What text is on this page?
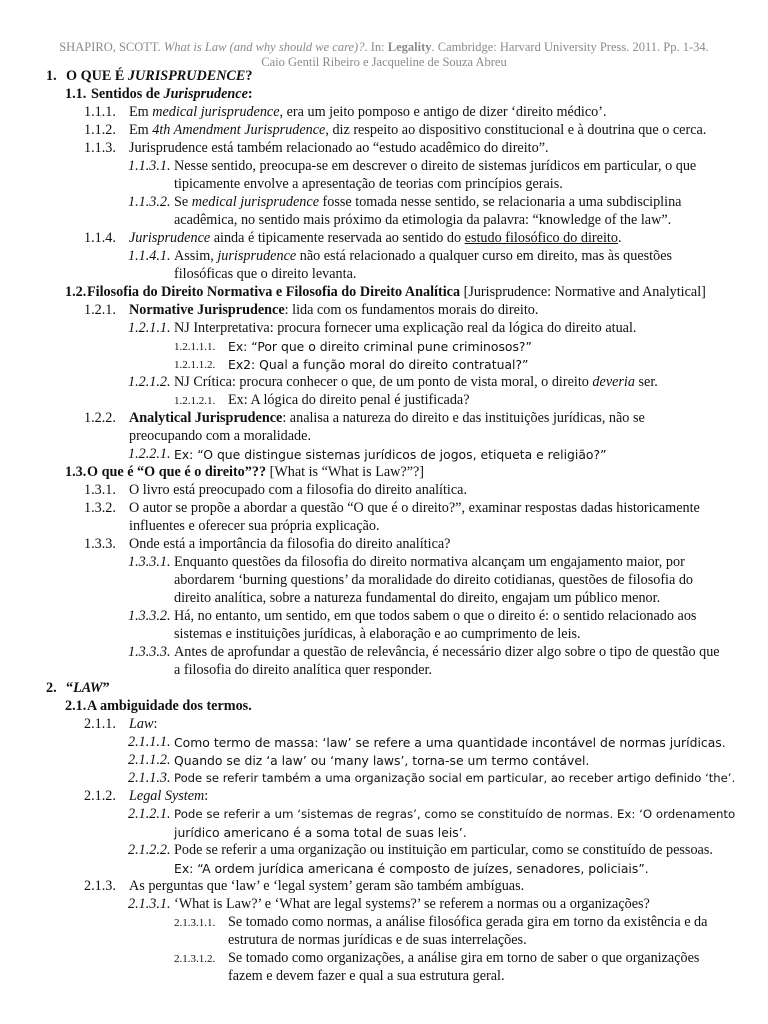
SHAPIRO, SCOTT. What is Law (and why should we care)?. In: Legality. Cambridge: Harvard University Press. 2011. Pp. 1-34.
Caio Gentil Ribeiro e Jacqueline de Souza Abreu
1. O QUE É JURISPRUDENCE?
1.1. Sentidos de Jurisprudence:
1.1.1. Em medical jurisprudence, era um jeito pomposo e antigo de dizer ‘direito médico’.
1.1.2. Em 4th Amendment Jurisprudence, diz respeito ao dispositivo constitucional e à doutrina que o cerca.
1.1.3. Jurisprudence está também relacionado ao “estudo acadêmico do direito”.
1.1.3.1. Nesse sentido, preocupa-se em descrever o direito de sistemas jurídicos em particular, o que
tipicamente envolve a apresentação de teorias com princípios gerais.
1.1.3.2. Se medical jurisprudence fosse tomada nesse sentido, se relacionaria a uma subdisciplina
acadêmica, no sentido mais próximo da etimologia da palavra: “knowledge of the law”.
1.1.4. Jurisprudence ainda é tipicamente reservada ao sentido do estudo filosófico do direito.
1.1.4.1. Assim, jurisprudence não está relacionado a qualquer curso em direito, mas às questões
filosóficas que o direito levanta.
1.2. Filosofia do Direito Normativa e Filosofia do Direito Analítica [Jurisprudence: Normative and Analytical]
1.2.1. Normative Jurisprudence: lida com os fundamentos morais do direito.
1.2.1.1. NJ Interpretativa: procura fornecer uma explicação real da lógica do direito atual.
1.2.1.1.1. Ex: “Por que o direito criminal pune criminosos?”
1.2.1.1.2. Ex2: Qual a função moral do direito contratual?”
1.2.1.2. NJ Crítica: procura conhecer o que, de um ponto de vista moral, o direito deveria ser.
1.2.1.2.1. Ex: A lógica do direito penal é justificada?
1.2.2. Analytical Jurisprudence: analisa a natureza do direito e das instituições jurídicas, não se
preocupando com a moralidade.
1.2.2.1. Ex: “O que distingue sistemas jurídicos de jogos, etiqueta e religião?”
1.3. O que é “O que é o direito”?? [What is “What is Law?”?]
1.3.1. O livro está preocupado com a filosofia do direito analítica.
1.3.2. O autor se propõe a abordar a questão “O que é o direito?”, examinar respostas dadas historicamente
influentes e oferecer sua própria explicação.
1.3.3. Onde está a importância da filosofia do direito analítica?
1.3.3.1. Enquanto questões da filosofia do direito normativa alcançam um engajamento maior, por
abordarem ‘burning questions’ da moralidade do direito cotidianas, questões de filosofia do
direito analítica, sobre a natureza fundamental do direito, engajam um público menor.
1.3.3.2. Há, no entanto, um sentido, em que todos sabem o que o direito é: o sentido relacionado aos
sistemas e instituições jurídicas, à elaboração e ao cumprimento de leis.
1.3.3.3. Antes de aprofundar a questão de relevância, é necessário dizer algo sobre o tipo de questão que
a filosofia do direito analítica quer responder.
2. “LAW”
2.1. A ambiguidade dos termos.
2.1.1. Law:
2.1.1.1. Como termo de massa: ‘law’ se refere a uma quantidade incontável de normas jurídicas.
2.1.1.2. Quando se diz ‘a law’ ou ‘many laws’, torna-se um termo contável.
2.1.1.3. Pode se referir também a uma organização social em particular, ao receber artigo definido ‘the’.
2.1.2. Legal System:
2.1.2.1. Pode se referir a um ‘sistemas de regras’, como se constituído de normas. Ex: ‘O ordenamento
jurídico americano é a soma total de suas leis’.
2.1.2.2. Pode se referir a uma organização ou instituição em particular, como se constituído de pessoas.
Ex: “A ordem jurídica americana é composto de juízes, senadores, policiais”.
2.1.3. As perguntas que ‘law’ e ‘legal system’ geram são também ambíguas.
2.1.3.1. ‘What is Law?’ e ‘What are legal systems?’ se referem a normas ou a organizações?
2.1.3.1.1. Se tomado como normas, a análise filosófica gerada gira em torno da existência e da
estrutura de normas jurídicas e de suas interrelações.
2.1.3.1.2. Se tomado como organizações, a análise gira em torno de saber o que organizações
fazem e devem fazer e qual a sua estrutura geral.
